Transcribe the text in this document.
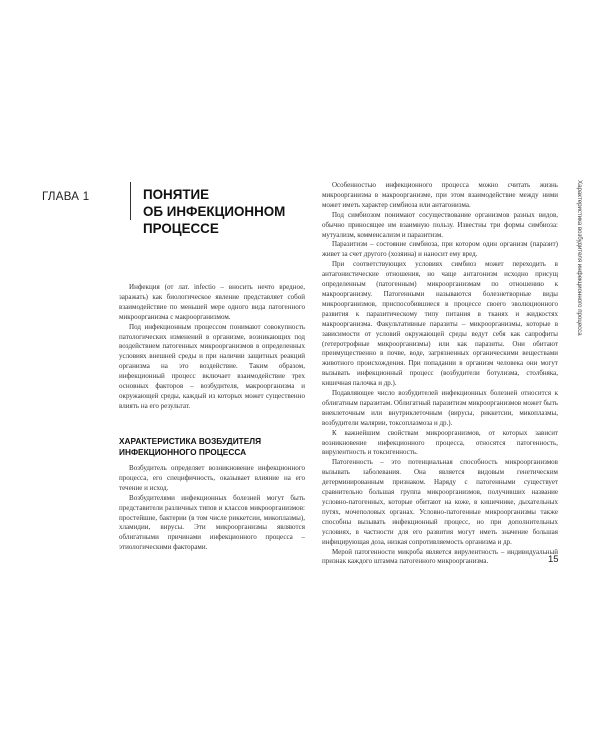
ГЛАВА 1	ПОНЯТИЕ
ОБ ИНФЕКЦИОННОМ
ПРОЦЕССЕ

Инфекция (от лат. infectio – вносить нечто вредное, заражать) как биологическое явление представляет собой взаимодействие по меньшей мере одного вида патогенного микроорганизма с макроорганизмом.

Под инфекционным процессом понимают совокупность патологических изменений в организме, возникающих под воздействием патогенных микроорганизмов в определенных условиях внешней среды и при наличии защитных реакций организма на это воздействие. Таким образом, инфекционный процесс включает взаимодействие трех основных факторов – возбудителя, макроорганизма и окружающей среды, каждый из которых может существенно влиять на его результат.

ХАРАКТЕРИСТИКА ВОЗБУДИТЕЛЯ
ИНФЕКЦИОННОГО ПРОЦЕССА

Возбудитель определяет возникновение инфекционного процесса, его специфичность, оказывает влияние на его течение и исход.

Возбудителями инфекционных болезней могут быть представители различных типов и классов микроорганизмов: простейшие, бактерии (в том числе риккетсии, микоплазмы), хламидии, вирусы. Эти микроорганизмы являются облигатными причинами инфекционного процесса – этиологическими факторами.

Особенностью инфекционного процесса можно считать жизнь микроорганизма в макроорганизме, при этом взаимодействие между ними может иметь характер симбиоза или антагонизма.

Под симбиозом понимают сосуществование организмов разных видов, обычно приносящее им взаимную пользу. Известны три формы симбиоза: мутуализм, комменсализм и паразитизм.

Паразитизм – состояние симбиоза, при котором один организм (паразит) живет за счет другого (хозяина) и наносит ему вред.

При соответствующих условиях симбиоз может переходить в антагонистические отношения, но чаще антагонизм исходно присущ определенным (патогенным) микроорганизмам по отношению к макроорганизму. Патогенными называются болезнетворные виды микроорганизмов, приспособившиеся в процессе своего эволюционного развития к паразитическому типу питания в тканях и жидкостях макроорганизма. Факультативные паразиты – микроорганизмы, которые в зависимости от условий окружающей среды ведут себя как сапрофиты (гетеротрофные микроорганизмы) или как паразиты. Они обитают преимущественно в почве, воде, загрязненных органическими веществами животного происхождения. При попадании в организм человека они могут вызывать инфекционный процесс (возбудители ботулизма, столбняка, кишечная палочка и др.).

Подавляющее число возбудителей инфекционных болезней относится к облигатным паразитам. Облигатный паразитизм микроорганизмов может быть внеклеточным или внутриклеточным (вирусы, риккетсии, микоплазмы, возбудители малярии, токсоплазмоза и др.).

К важнейшим свойствам микроорганизмов, от которых зависит возникновение инфекционного процесса, относятся патогенность, вирулентность и токсигенность.

Патогенность – это потенциальная способность микроорганизмов вызывать заболевания. Она является видовым генетическим детерминированным признаком. Наряду с патогенными существует сравнительно большая группа микроорганизмов, получивших название условно-патогенных, которые обитают на коже, в кишечнике, дыхательных путях, мочеполовых органах. Условно-патогенные микроорганизмы также способны вызывать инфекционный процесс, но при дополнительных условиях, в частности для его развития могут иметь значение большая инфицирующая доза, низкая сопротивляемость организма и др.

Мерой патогенности микроба является вирулентность – индивидуальный признак каждого штамма патогенного микроорганизма.

Характеристика возбудителя инфекционного процесса
15
